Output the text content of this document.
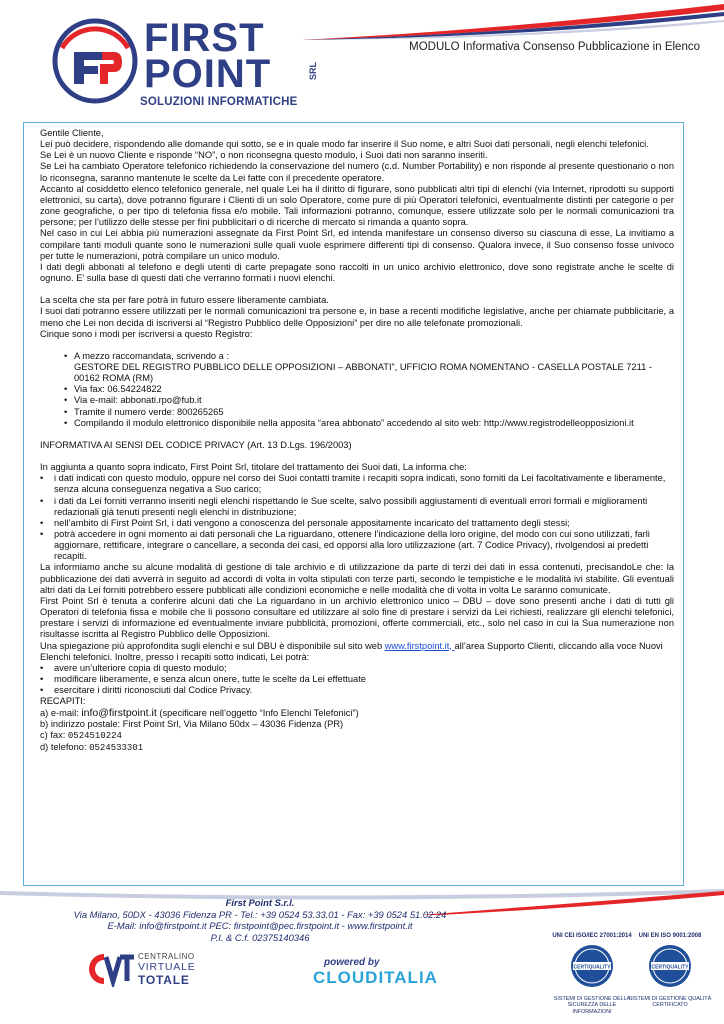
FIRST
POINT	SRL
SOLUZIONI INFORMATICHE
MODULO Informativa Consenso Pubblicazione in Elenco

Gentile Cliente,

Lei può decidere, rispondendo alle domande qui sotto, se e in quale modo far inserire il Suo nome, e altri Suoi dati personali, negli elenchi telefonici.

Se Lei è un nuovo Cliente e risponde “NO”, o non riconsegna questo modulo, i Suoi dati non saranno inseriti.

Se Lei ha cambiato Operatore telefonico richiedendo la conservazione del numero (c.d. Number Portability) e non risponde al presente questionario o non lo riconsegna, saranno mantenute le scelte da Lei fatte con il precedente operatore.

Accanto al cosiddetto elenco telefonico generale, nel quale Lei ha il diritto di figurare, sono pubblicati altri tipi di elenchi (via Internet, riprodotti su supporti elettronici, su carta), dove potranno figurare i Clienti di un solo Operatore, come pure di più Operatori telefonici, eventualmente distinti per categorie o per zone geografiche, o per tipo di telefonia fissa e/o mobile. Tali informazioni potranno, comunque, essere utilizzate solo per le normali comunicazioni tra persone; per l’utilizzo delle stesse per fini pubblicitari o di ricerche di mercato si rimanda a quanto sopra.

Nel caso in cui Lei abbia più numerazioni assegnate da First Point Srl, ed intenda manifestare un consenso diverso su ciascuna di esse, La invitiamo a compilare tanti moduli quante sono le numerazioni sulle quali vuole esprimere differenti tipi di consenso. Qualora invece, il Suo consenso fosse univoco per tutte le numerazioni, potrà compilare un unico modulo.

I dati degli abbonati al telefono e degli utenti di carte prepagate sono raccolti in un unico archivio elettronico, dove sono registrate anche le scelte di ognuno. E’ sulla base di questi dati che verranno formati i nuovi elenchi.

La scelta che sta per fare potrà in futuro essere liberamente cambiata.

I suoi dati potranno essere utilizzati per le normali comunicazioni tra persone e, in base a recenti modifiche legislative, anche per chiamate pubblicitarie, a meno che Lei non decida di iscriversi al “Registro Pubblico delle Opposizioni” per dire no alle telefonate promozionali.

Cinque sono i modi per iscriversi a questo Registro:

• A mezzo raccomandata, scrivendo a :
GESTORE DEL REGISTRO PUBBLICO DELLE OPPOSIZIONI – ABBONATI”, UFFICIO ROMA NOMENTANO - CASELLA POSTALE 7211 - 00162 ROMA (RM)
• Via fax: 06.54224822
• Via e-mail: abbonati.rpo@fub.it
• Tramite il numero verde: 800265265
• Compilando il modulo elettronico disponibile nella apposita “area abbonato” accedendo al sito web: http://www.registrodelleopposizioni.it

INFORMATIVA AI SENSI DEL CODICE PRIVACY (Art. 13 D.Lgs. 196/2003)

In aggiunta a quanto sopra indicato, First Point Srl, titolare del trattamento dei Suoi dati, La informa che:

• i dati indicati con questo modulo, oppure nel corso dei Suoi contatti tramite i recapiti sopra indicati, sono forniti da Lei facoltativamente e liberamente, senza alcuna conseguenza negativa a Suo carico;
• i dati da Lei forniti verranno inseriti negli elenchi rispettando le Sue scelte, salvo possibili aggiustamenti di eventuali errori formali e miglioramenti redazionali già tenuti presenti negli elenchi in distribuzione;
• nell’ambito di First Point Srl, i dati vengono a conoscenza del personale appositamente incaricato del trattamento degli stessi;
• potrà accedere in ogni momento ai dati personali che La riguardano, ottenere l’indicazione della loro origine, del modo con cui sono utilizzati, farli aggiornare, rettificare, integrare o cancellare, a seconda dei casi, ed opporsi alla loro utilizzazione (art. 7 Codice Privacy), rivolgendosi ai predetti recapiti.

La informiamo anche su alcune modalità di gestione di tale archivio e di utilizzazione da parte di terzi dei dati in essa contenuti, precisandoLe che: la pubblicazione dei dati avverrà in seguito ad accordi di volta in volta stipulati con terze parti, secondo le tempistiche e le modalità ivi stabilite. Gli eventuali altri dati da Lei forniti potrebbero essere pubblicati alle condizioni economiche e nelle modalità che di volta in volta Le saranno comunicate.

First Point Srl è tenuta a conferire alcuni dati che La riguardano in un archivio elettronico unico – DBU – dove sono presenti anche i dati di tutti gli Operatori di telefonia fissa e mobile che li possono consultare ed utilizzare al solo fine di prestare i servizi da Lei richiesti, realizzare gli elenchi telefonici, prestare i servizi di informazione ed eventualmente inviare pubblicità, promozioni, offerte commerciali, etc., solo nel caso in cui la Sua numerazione non risultasse iscritta al Registro Pubblico delle Opposizioni.

Una spiegazione più approfondita sugli elenchi e sul DBU è disponibile sul sito web www.firstpoint.it, all’area Supporto Clienti, cliccando alla voce Nuovi Elenchi telefonici. Inoltre, presso i recapiti sotto indicati, Lei potrà:

• avere un’ulteriore copia di questo modulo;
• modificare liberamente, e senza alcun onere, tutte le scelte da Lei effettuate
• esercitare i diritti riconosciuti dal Codice Privacy.

RECAPITI:

a) e-mail: info@firstpoint.it (specificare nell’oggetto “Info Elenchi Telefonici”)

b) indirizzo postale: First Point Srl, Via Milano 50dx – 43036 Fidenza (PR)

c) fax: 0524510224

d) telefono: 0524533301

First Point S.r.l.
Via Milano, 50DX - 43036 Fidenza PR - Tel.: +39 0524 53.33.01 - Fax: +39 0524 51.02.24
E-Mail: info@firstpoint.it PEC: firstpoint@pec.firstpoint.it - www.firstpoint.it
P.I. & C.f. 02375140346
CENTRALINO
VIRTUALE
TOTALE
powered by
CLOUDITALIA
UNI CEI ISO/IEC 27001:2014
CERTIQUALITY
SISTEMI DI GESTIONE DELLA SICUREZZA DELLE INFORMAZIONI
UNI EN ISO 9001:2008
CERTIQUALITY
SISTEMI DI GESTIONE QUALITÀ CERTIFICATO
